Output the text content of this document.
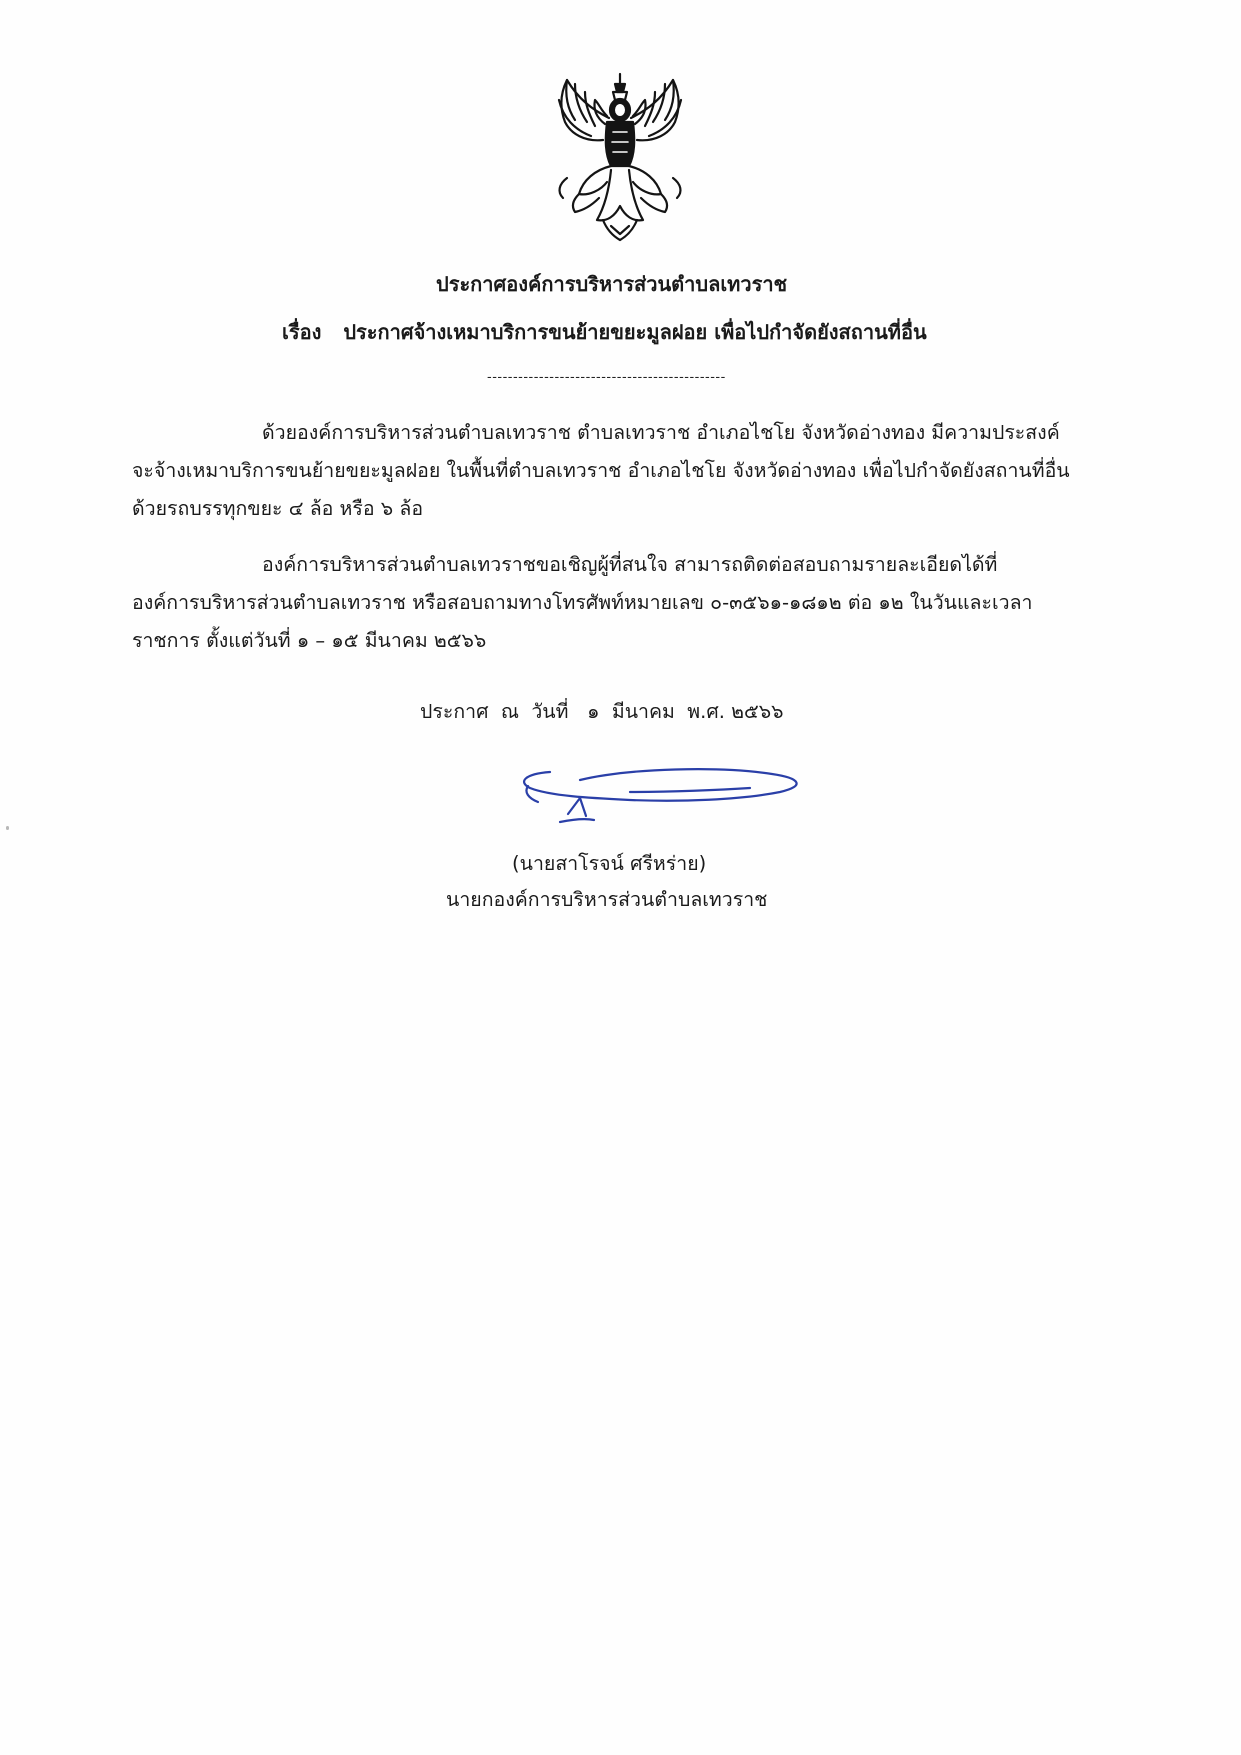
ประกาศองค์การบริหารส่วนตำบลเทวราช
เรื่อง ประกาศจ้างเหมาบริการขนย้ายขยะมูลฝอย เพื่อไปกำจัดยังสถานที่อื่น
----------------------------------------------
ด้วยองค์การบริหารส่วนตำบลเทวราช ตำบลเทวราช อำเภอไชโย จังหวัดอ่างทอง มีความประสงค์
จะจ้างเหมาบริการขนย้ายขยะมูลฝอย ในพื้นที่ตำบลเทวราช อำเภอไชโย จังหวัดอ่างทอง เพื่อไปกำจัดยังสถานที่อื่น
ด้วยรถบรรทุกขยะ ๔ ล้อ หรือ ๖ ล้อ
องค์การบริหารส่วนตำบลเทวราชขอเชิญผู้ที่สนใจ สามารถติดต่อสอบถามรายละเอียดได้ที่
องค์การบริหารส่วนตำบลเทวราช หรือสอบถามทางโทรศัพท์หมายเลข ๐-๓๕๖๑-๑๘๑๒ ต่อ ๑๒ ในวันและเวลา
ราชการ ตั้งแต่วันที่ ๑ – ๑๕ มีนาคม ๒๕๖๖
ประกาศ  ณ  วันที่   ๑  มีนาคม  พ.ศ. ๒๕๖๖
(นายสาโรจน์ ศรีหร่าย)
นายกองค์การบริหารส่วนตำบลเทวราช
